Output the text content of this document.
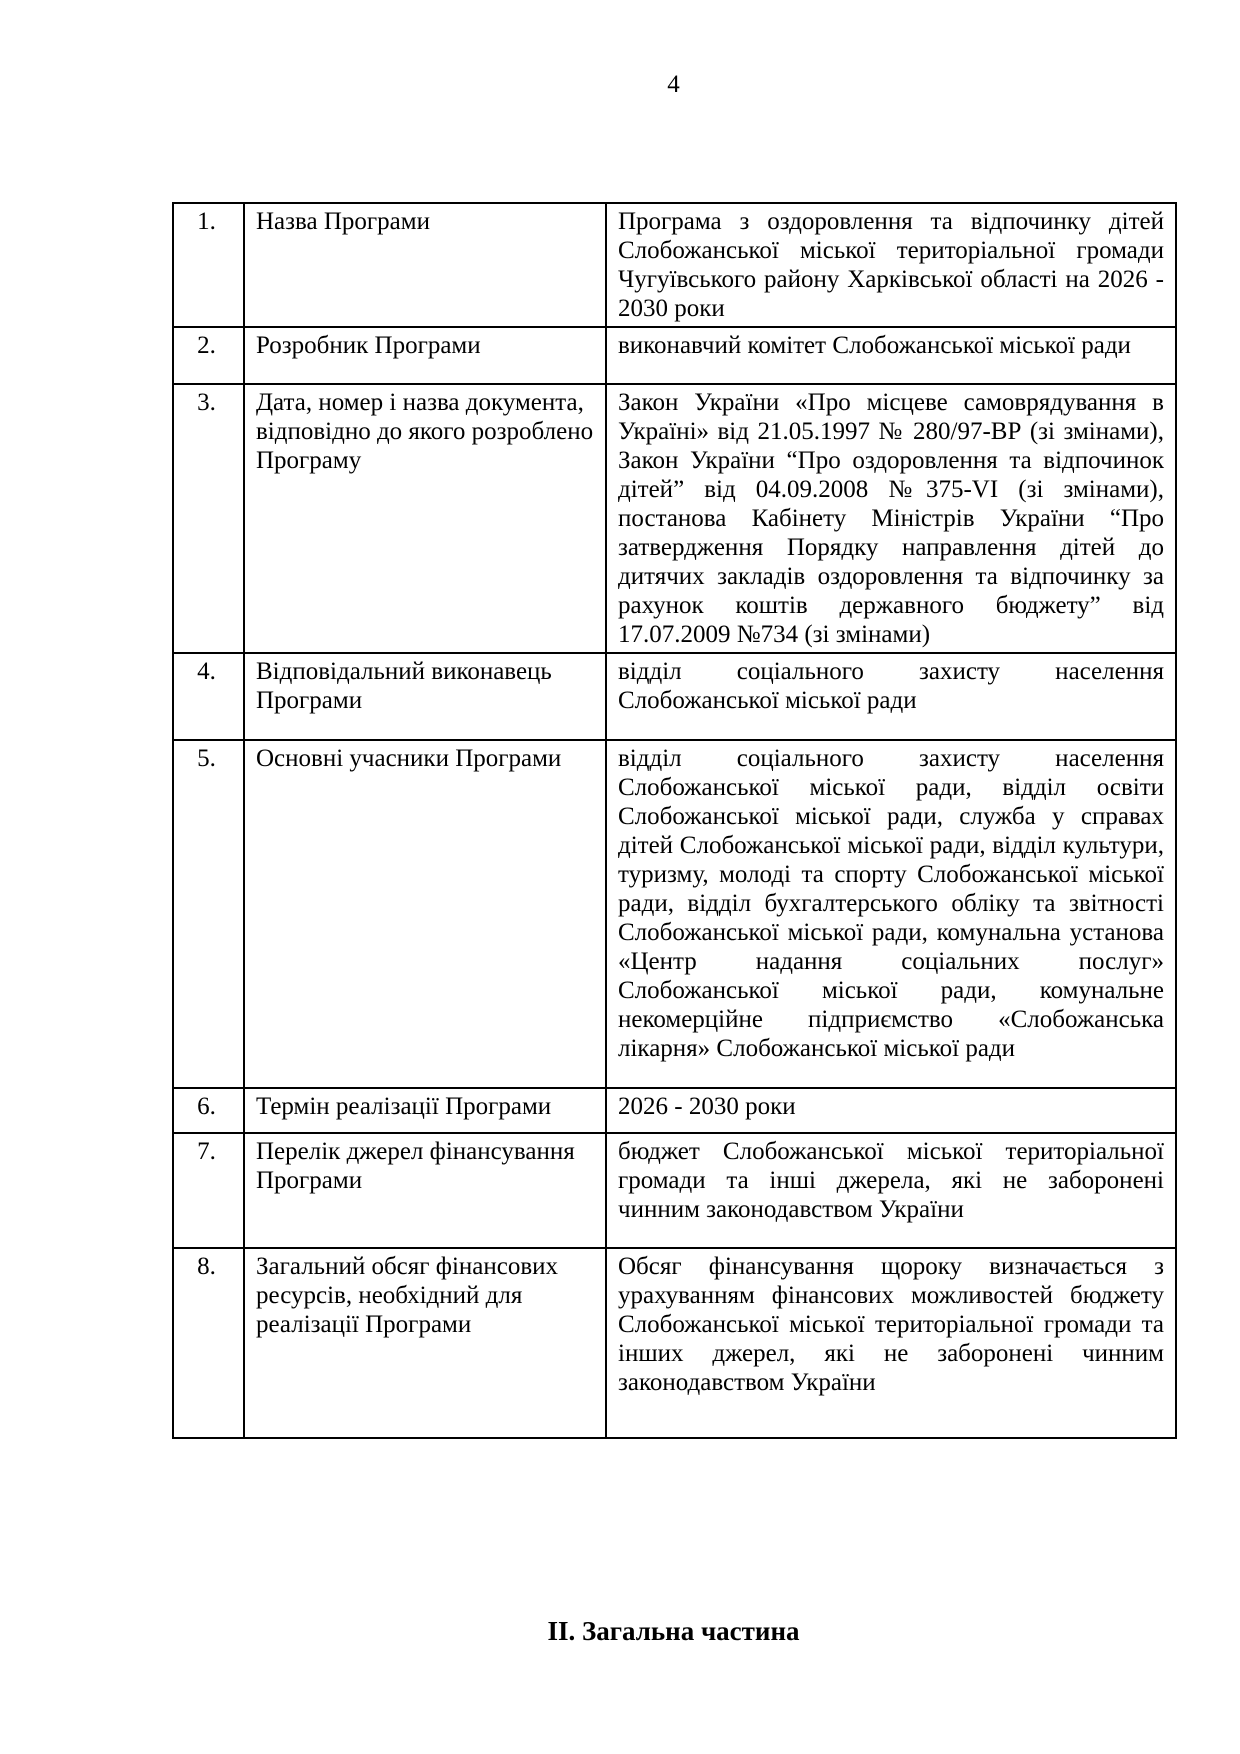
4
1.	Назва Програми	Програма з оздоровлення та відпочинку дітей Слобожанської міської територіальної громади Чугуївського району Харківської області на 2026 - 2030 роки
2.	Розробник Програми	виконавчий комітет Слобожанської міської ради
3.	Дата, номер і назва документа, відповідно до якого розроблено Програму	Закон України «Про місцеве самоврядування в Україні» від 21.05.1997 № 280/97-ВР (зі змінами), Закон України “Про оздоровлення та відпочинок дітей” від 04.09.2008 №375-VI (зі змінами), постанова Кабінету Міністрів України “Про затвердження Порядку направлення дітей до дитячих закладів оздоровлення та відпочинку за рахунок коштів державного бюджету” від 17.07.2009 №734 (зі змінами)
4.	Відповідальний виконавець Програми	відділ соціального захисту населення Слобожанської міської ради
5.	Основні учасники Програми	відділ соціального захисту населення Слобожанської міської ради, відділ освіти Слобожанської міської ради, служба у справах дітей Слобожанської міської ради, відділ культури, туризму, молоді та спорту Слобожанської міської ради, відділ бухгалтерського обліку та звітності Слобожанської міської ради, комунальна установа «Центр надання соціальних послуг» Слобожанської міської ради, комунальне некомерційне підприємство «Слобожанська лікарня» Слобожанської міської ради
6.	Термін реалізації Програми	2026 - 2030 роки
7.	Перелік джерел фінансування Програми	бюджет Слобожанської міської територіальної громади та інші джерела, які не заборонені чинним законодавством України
8.	Загальний обсяг фінансових ресурсів, необхідний для реалізації Програми	Обсяг фінансування щороку визначається з урахуванням фінансових можливостей бюджету Слобожанської міської територіальної громади та інших джерел, які не заборонені чинним законодавством України
ІІ. Загальна частина
